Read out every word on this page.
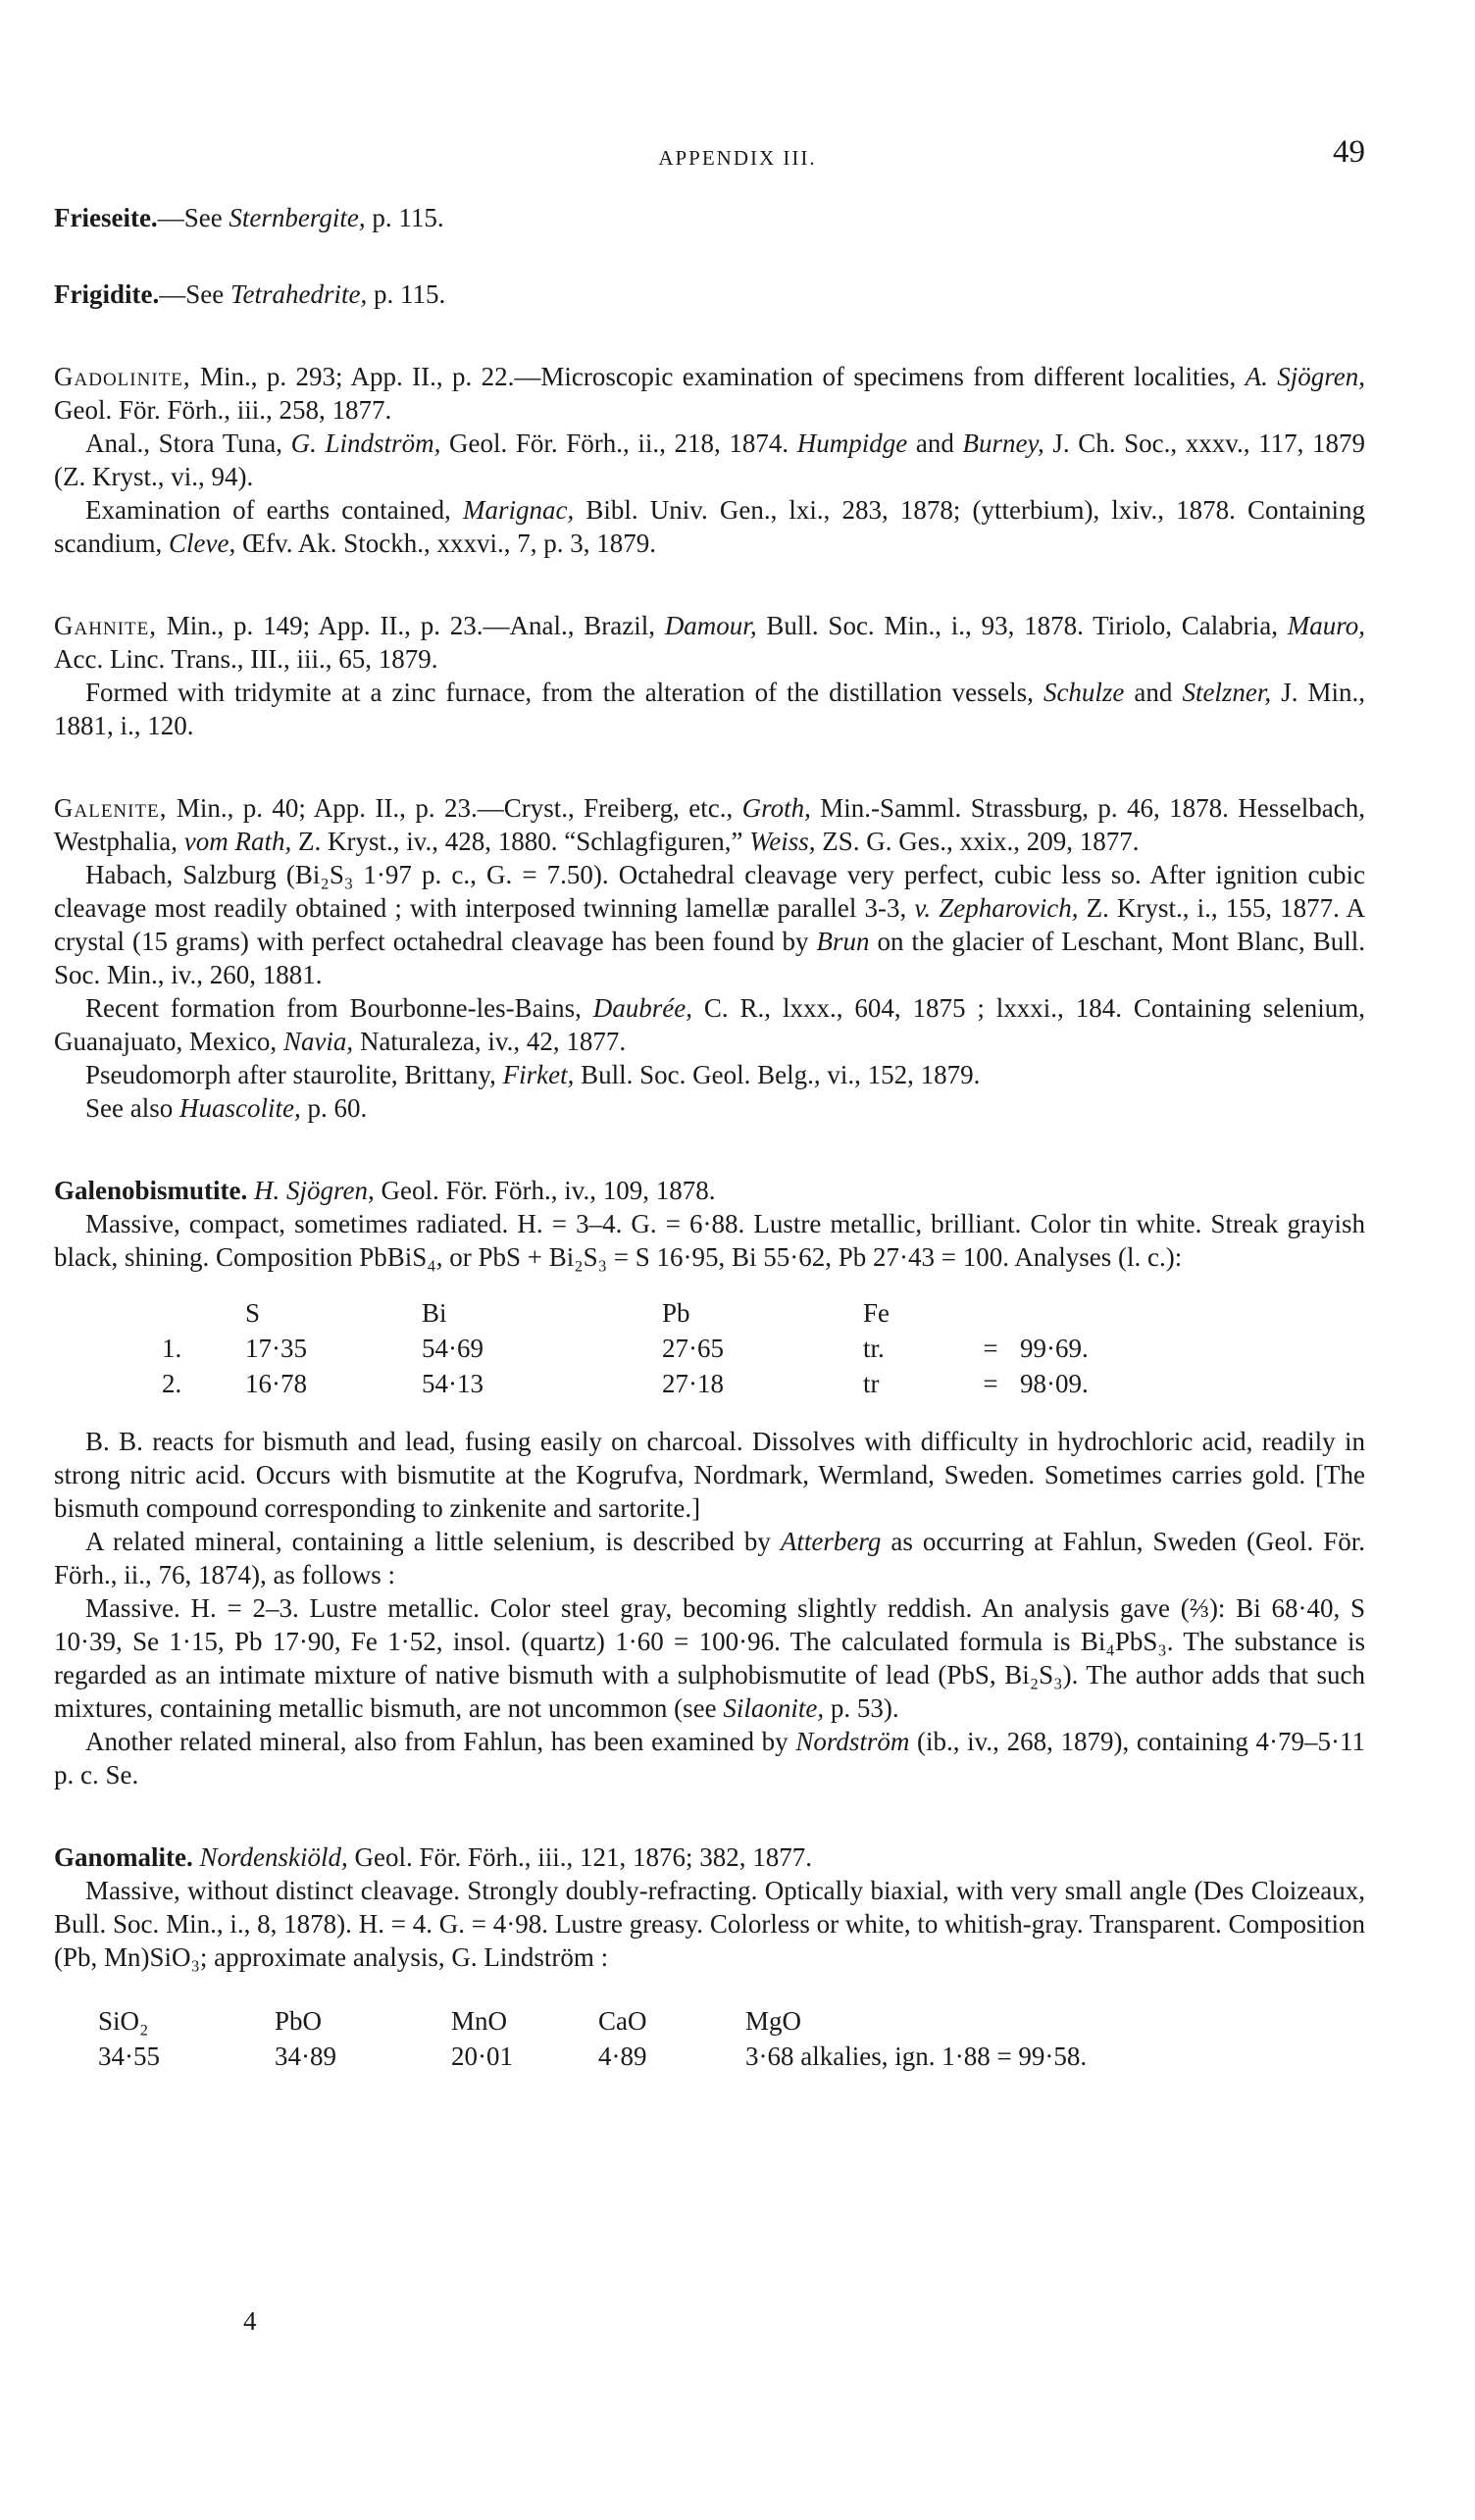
APPENDIX III.	49

Frieseite.—See Sternbergite, p. 115.

Frigidite.—See Tetrahedrite, p. 115.

Gadolinite, Min., p. 293; App. II., p. 22.—Microscopic examination of specimens from different localities, A. Sjögren, Geol. För. Förh., iii., 258, 1877.

Anal., Stora Tuna, G. Lindström, Geol. För. Förh., ii., 218, 1874. Humpidge and Burney, J. Ch. Soc., xxxv., 117, 1879 (Z. Kryst., vi., 94).

Examination of earths contained, Marignac, Bibl. Univ. Gen., lxi., 283, 1878; (ytterbium), lxiv., 1878. Containing scandium, Cleve, Œfv. Ak. Stockh., xxxvi., 7, p. 3, 1879.

Gahnite, Min., p. 149; App. II., p. 23.—Anal., Brazil, Damour, Bull. Soc. Min., i., 93, 1878. Tiriolo, Calabria, Mauro, Acc. Linc. Trans., III., iii., 65, 1879.

Formed with tridymite at a zinc furnace, from the alteration of the distillation vessels, Schulze and Stelzner, J. Min., 1881, i., 120.

Galenite, Min., p. 40; App. II., p. 23.—Cryst., Freiberg, etc., Groth, Min.-Samml. Strassburg, p. 46, 1878. Hesselbach, Westphalia, vom Rath, Z. Kryst., iv., 428, 1880. “Schlagfiguren,” Weiss, ZS. G. Ges., xxix., 209, 1877.

Habach, Salzburg (Bi₂S₃ 1·97 p. c., G. = 7.50). Octahedral cleavage very perfect, cubic less so. After ignition cubic cleavage most readily obtained ; with interposed twinning lamellæ parallel 3-3, v. Zepharovich, Z. Kryst., i., 155, 1877. A crystal (15 grams) with perfect octahedral cleavage has been found by Brun on the glacier of Leschant, Mont Blanc, Bull. Soc. Min., iv., 260, 1881.

Recent formation from Bourbonne-les-Bains, Daubrée, C. R., lxxx., 604, 1875 ; lxxxi., 184. Containing selenium, Guanajuato, Mexico, Navia, Naturaleza, iv., 42, 1877.

Pseudomorph after staurolite, Brittany, Firket, Bull. Soc. Geol. Belg., vi., 152, 1879.

See also Huascolite, p. 60.

Galenobismutite. H. Sjögren, Geol. För. Förh., iv., 109, 1878.

Massive, compact, sometimes radiated. H. = 3–4. G. = 6·88. Lustre metallic, brilliant. Color tin white. Streak grayish black, shining. Composition PbBiS₄, or PbS + Bi₂S₃ = S 16·95, Bi 55·62, Pb 27·43 = 100. Analyses (l. c.):

	S	Bi	Pb	Fe		
1.	17·35	54·69	27·65	tr.	=	99·69.
2.	16·78	54·13	27·18	tr	=	98·09.

B. B. reacts for bismuth and lead, fusing easily on charcoal. Dissolves with difficulty in hydrochloric acid, readily in strong nitric acid. Occurs with bismutite at the Kogrufva, Nordmark, Wermland, Sweden. Sometimes carries gold. [The bismuth compound corresponding to zinkenite and sartorite.]

A related mineral, containing a little selenium, is described by Atterberg as occurring at Fahlun, Sweden (Geol. För. Förh., ii., 76, 1874), as follows :

Massive. H. = 2–3. Lustre metallic. Color steel gray, becoming slightly reddish. An analysis gave (⅔): Bi 68·40, S 10·39, Se 1·15, Pb 17·90, Fe 1·52, insol. (quartz) 1·60 = 100·96. The calculated formula is Bi₄PbS₃. The substance is regarded as an intimate mixture of native bismuth with a sulphobismutite of lead (PbS, Bi₂S₃). The author adds that such mixtures, containing metallic bismuth, are not uncommon (see Silaonite, p. 53).

Another related mineral, also from Fahlun, has been examined by Nordström (ib., iv., 268, 1879), containing 4·79–5·11 p. c. Se.

Ganomalite. Nordenskiöld, Geol. För. Förh., iii., 121, 1876; 382, 1877.

Massive, without distinct cleavage. Strongly doubly-refracting. Optically biaxial, with very small angle (Des Cloizeaux, Bull. Soc. Min., i., 8, 1878). H. = 4. G. = 4·98. Lustre greasy. Colorless or white, to whitish-gray. Transparent. Composition (Pb, Mn)SiO₃; approximate analysis, G. Lindström :

SiO₂	PbO	MnO	CaO	MgO
34·55	34·89	20·01	4·89	3·68 alkalies, ign. 1·88 = 99·58.
4
